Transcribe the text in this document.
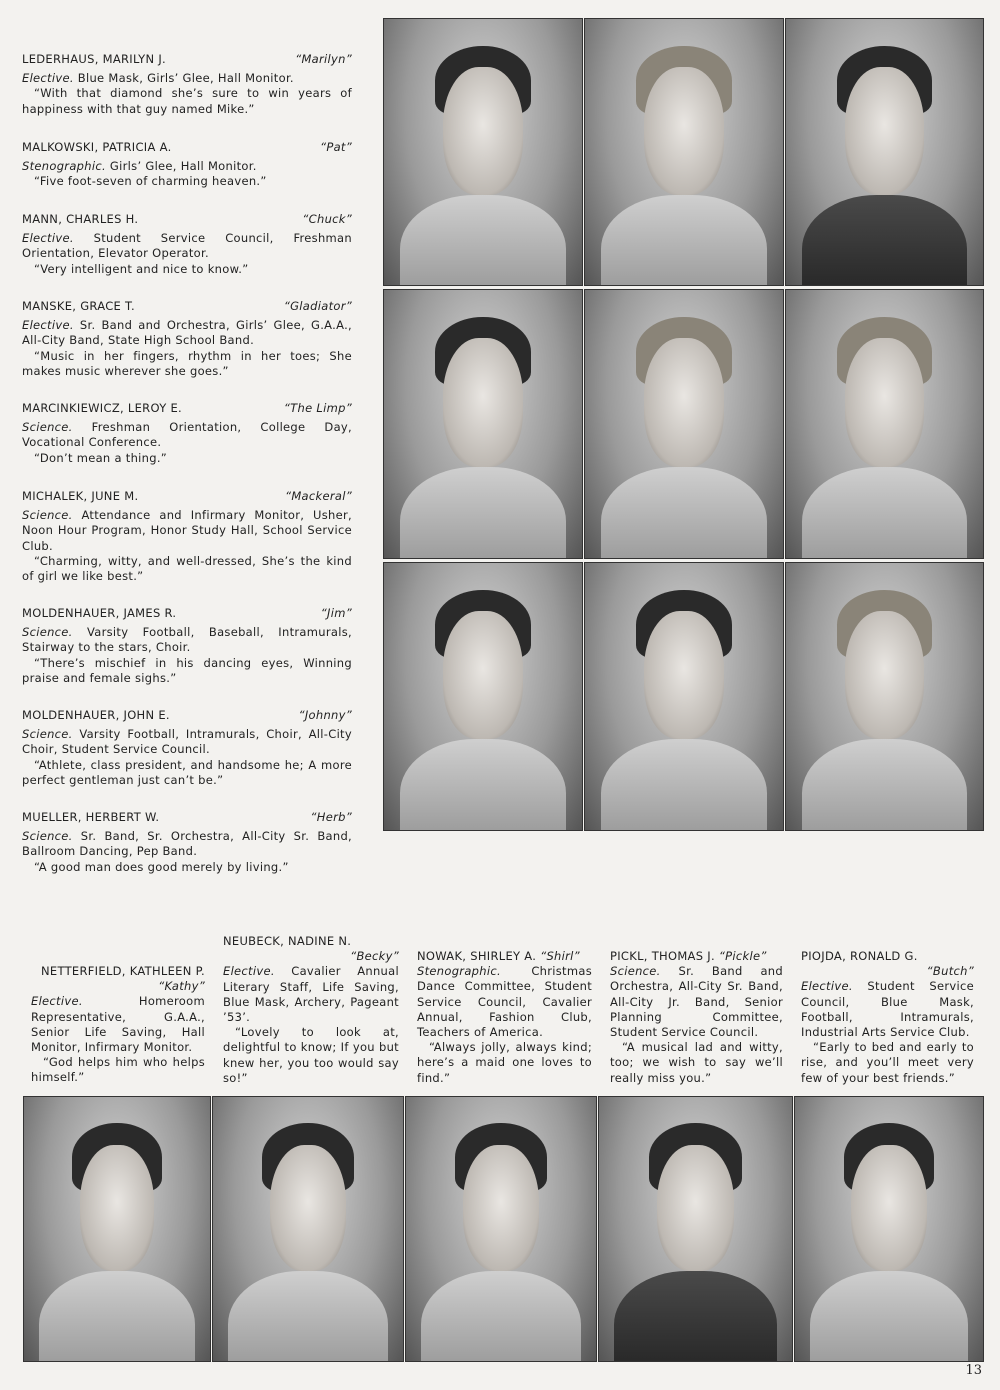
LEDERHAUS, MARILYN J.	“Marilyn”

Elective. Blue Mask, Girls’ Glee, Hall Monitor.

“With that diamond she’s sure to win years of happiness with that guy named Mike.”

MALKOWSKI, PATRICIA A.	“Pat”

Stenographic. Girls’ Glee, Hall Monitor.

“Five foot-seven of charming heaven.”

MANN, CHARLES H.	“Chuck”

Elective. Student Service Council, Freshman Orientation, Elevator Operator.

“Very intelligent and nice to know.”

MANSKE, GRACE T.	“Gladiator”

Elective. Sr. Band and Orchestra, Girls’ Glee, G.A.A., All-City Band, State High School Band.

“Music in her fingers, rhythm in her toes; She makes music wherever she goes.”

MARCINKIEWICZ, LEROY E.	“The Limp”

Science. Freshman Orientation, College Day, Vocational Conference.

“Don’t mean a thing.”

MICHALEK, JUNE M.	“Mackeral”

Science. Attendance and Infirmary Monitor, Usher, Noon Hour Program, Honor Study Hall, School Service Club.

“Charming, witty, and well-dressed, She’s the kind of girl we like best.”

MOLDENHAUER, JAMES R.	“Jim”

Science. Varsity Football, Baseball, Intramurals, Stairway to the stars, Choir.

“There’s mischief in his dancing eyes, Winning praise and female sighs.”

MOLDENHAUER, JOHN E.	“Johnny”

Science. Varsity Football, Intramurals, Choir, All-City Choir, Student Service Council.

“Athlete, class president, and handsome he; A more perfect gentleman just can’t be.”

MUELLER, HERBERT W.	“Herb”

Science. Sr. Band, Sr. Orchestra, All-City Sr. Band, Ballroom Dancing, Pep Band.

“A good man does good merely by living.”

NETTERFIELD, KATHLEEN P.

“Kathy”

Elective.	Homeroom Representative, G.A.A., Senior Life Saving, Hall Monitor, Infirmary Monitor.

“God helps him who helps himself.”

NEUBECK, NADINE N.

“Becky”

Elective. Cavalier Annual Literary Staff, Life Saving, Blue Mask, Archery, Pageant ’53’.

“Lovely to look at, delightful to know; If you but knew her, you too would say so!”

NOWAK, SHIRLEY A. “Shirl”

Stenographic.	Christmas Dance Committee, Student Service Council, Cavalier Annual, Fashion Club, Teachers of America.

“Always jolly, always kind; here’s a maid one loves to find.”

PICKL, THOMAS J. “Pickle”

Science. Sr. Band and Orchestra, All-City Sr. Band, All-City Jr. Band, Senior Planning Committee, Student Service Council.

“A musical lad and witty, too; we wish to say we’ll really miss you.”

PIOJDA, RONALD G.

“Butch”

Elective. Student Service Council, Blue Mask, Football, Intramurals, Industrial Arts Service Club.

“Early to bed and early to rise, and you’ll meet very few of your best friends.”

13
